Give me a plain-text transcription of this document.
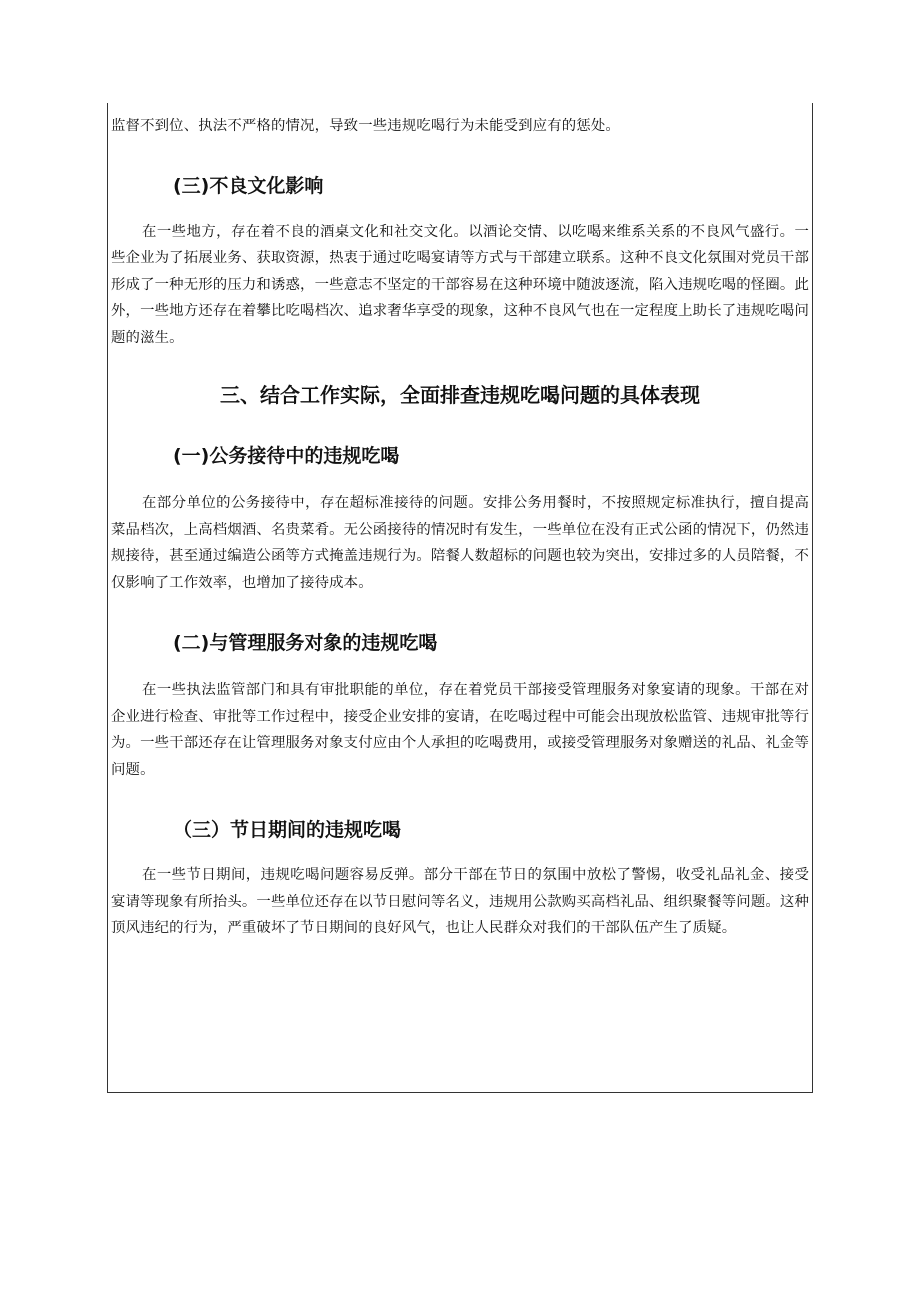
监督不到位、执法不严格的情况，导致一些违规吃喝行为未能受到应有的惩处。

(三)不良文化影响

在一些地方，存在着不良的酒桌文化和社交文化。以酒论交情、以吃喝来维系关系的不良风气盛行。一些企业为了拓展业务、获取资源，热衷于通过吃喝宴请等方式与干部建立联系。这种不良文化氛围对党员干部形成了一种无形的压力和诱惑，一些意志不坚定的干部容易在这种环境中随波逐流，陷入违规吃喝的怪圈。此外，一些地方还存在着攀比吃喝档次、追求奢华享受的现象，这种不良风气也在一定程度上助长了违规吃喝问题的滋生。

三、结合工作实际，全面排查违规吃喝问题的具体表现
(一)公务接待中的违规吃喝

在部分单位的公务接待中，存在超标准接待的问题。安排公务用餐时，不按照规定标准执行，擅自提高菜品档次，上高档烟酒、名贵菜肴。无公函接待的情况时有发生，一些单位在没有正式公函的情况下，仍然违规接待，甚至通过编造公函等方式掩盖违规行为。陪餐人数超标的问题也较为突出，安排过多的人员陪餐，不仅影响了工作效率，也增加了接待成本。

(二)与管理服务对象的违规吃喝

在一些执法监管部门和具有审批职能的单位，存在着党员干部接受管理服务对象宴请的现象。干部在对企业进行检查、审批等工作过程中，接受企业安排的宴请，在吃喝过程中可能会出现放松监管、违规审批等行为。一些干部还存在让管理服务对象支付应由个人承担的吃喝费用，或接受管理服务对象赠送的礼品、礼金等问题。

（三）节日期间的违规吃喝

在一些节日期间，违规吃喝问题容易反弹。部分干部在节日的氛围中放松了警惕，收受礼品礼金、接受宴请等现象有所抬头。一些单位还存在以节日慰问等名义，违规用公款购买高档礼品、组织聚餐等问题。这种顶风违纪的行为，严重破坏了节日期间的良好风气，也让人民群众对我们的干部队伍产生了质疑。
